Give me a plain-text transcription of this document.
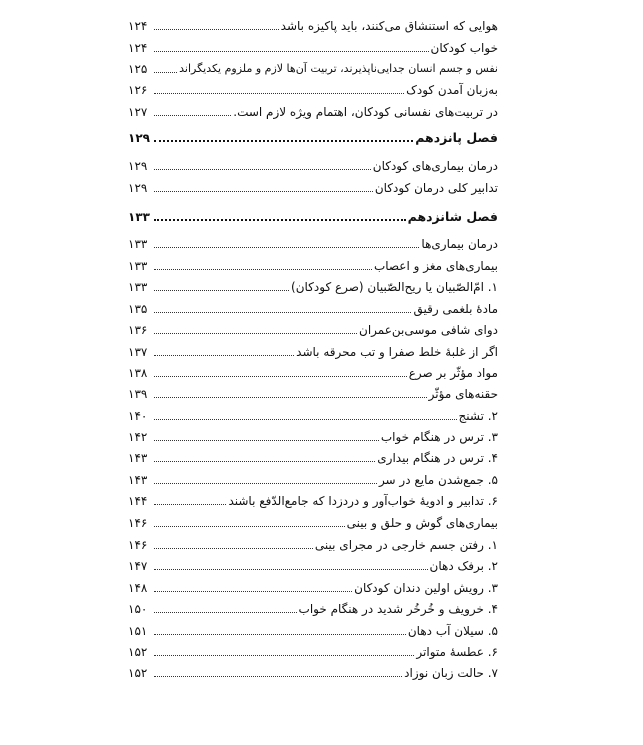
هوایی که استنشاق می‌کنند، باید پاکیزه باشد
۱۲۴
خواب کودکان
۱۲۴
نفس و جسم انسان جدایی‌ناپذیرند، تربیت آن‌ها لازم و ملزوم یکدیگراند
۱۲۵
به‌زبان آمدن کودک
۱۲۶
در تربیت‌های نفسانی کودکان، اهتمام ویژه لازم است.
۱۲۷
فصل پانزدهم
۱۲۹
درمان بیماری‌های کودکان
۱۲۹
تدابیر کلی درمان کودکان
۱۲۹
فصل شانزدهم
۱۳۳
درمان بیماری‌ها
۱۳۳
بیماری‌های مغز و اعصاب
۱۳۳
۱. امّ‌الصّبیان یا ریح‌الصّبیان (صرع کودکان)
۱۳۳
مادهٔ بلغمی رقیق
۱۳۵
دوای شافی موسی‌بن‌عمران
۱۳۶
اگر از غلبهٔ خلط صفرا و تب محرقه باشد
۱۳۷
مواد مؤثّر بر صرع
۱۳۸
حقنه‌های مؤثّر
۱۳۹
۲. تشنج
۱۴۰
۳. ترس در هنگام خواب
۱۴۲
۴. ترس در هنگام بیداری
۱۴۳
۵. جمع‌شدن مایع در سر
۱۴۳
۶. تدابیر و ادویهٔ خواب‌آور و دردزدا که جامع‌الدّفع باشند
۱۴۴
بیماری‌های گوش و حلق و بینی
۱۴۶
۱. رفتن جسم خارجی در مجرای بینی
۱۴۶
۲. برفک دهان
۱۴۷
۳. رویش اولین دندان کودکان
۱۴۸
۴. خرویف و خُرخُر شدید در هنگام خواب
۱۵۰
۵. سیلان آب دهان
۱۵۱
۶. عطسهٔ متواتر
۱۵۲
۷. حالت زبان نوزاد
۱۵۲
